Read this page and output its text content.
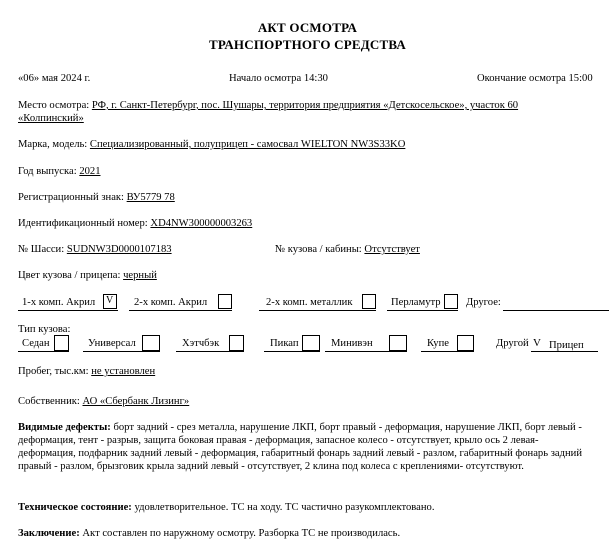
АКТ ОСМОТРА
ТРАНСПОРТНОГО СРЕДСТВА
«06» мая 2024 г.	Начало осмотра 14:30	Окончание осмотра 15:00
Место осмотра: РФ, г. Санкт-Петербург, пос. Шушары, территория предприятия «Детскосельское», участок 60
«Колпинский»
Марка, модель: Специализированный, полуприцеп - самосвал WIELTON NW3S33KO
Год выпуска: 2021
Регистрационный знак: ВУ5779 78
Идентификационный номер: XD4NW300000003263
№ Шасси: SUDNW3D0000107183	№ кузова / кабины: Отсутствует
Цвет кузова / прицепа: черный
1-х комп. Акрил V 2-х комп. Акрил	2-х комп. металлик	Перламутр Другое:
Тип кузова:
Седан	Универсал	Хэтчбэк	Пикап	Минивэн	Купе	Другой V Прицеп
Пробег, тыс.км: не установлен
Собственник: АО «Сбербанк Лизинг»
Видимые дефекты: борт задний - срез металла, нарушение ЛКП, борт правый - деформация, нарушение ЛКП, борт левый - деформация, тент - разрыв, защита боковая правая - деформация, запасное колесо - отсутствует, крыло ось 2 левая- деформация, подфарник задний левый - деформация, габаритный фонарь задний левый - разлом, габаритный фонарь задний правый - разлом, брызговик крыла задний левый - отсутствует, 2 клина под колеса с креплениями- отсутствуют.
Техническое состояние: удовлетворительное. ТС на ходу. ТС частично разукомплектовано.
Заключение: Акт составлен по наружному осмотру. Разборка ТС не производилась.
